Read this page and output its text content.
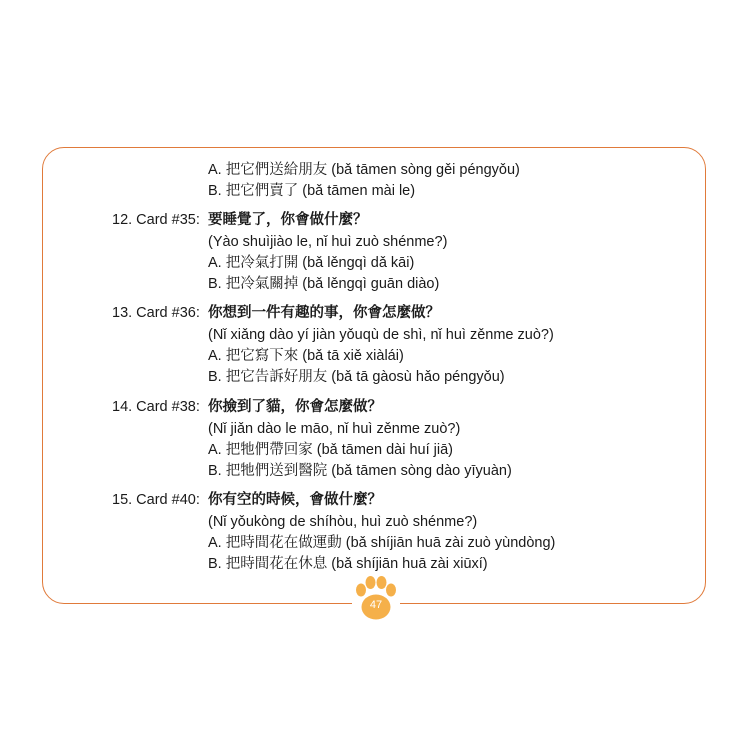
A. 把它們送給朋友 (bǎ tāmen sòng gěi péngyǒu)
B. 把它們賣了 (bǎ tāmen mài le)
12. Card #35: 要睡覺了，你會做什麼？
(Yào shuìjiào le, nǐ huì zuò shénme?)
A. 把冷氣打開 (bǎ lěngqì dǎ kāi)
B. 把冷氣關掉 (bǎ lěngqì guān diào)
13. Card #36: 你想到一件有趣的事，你會怎麼做？
(Nǐ xiǎng dào yí jiàn yǒuqù de shì, nǐ huì zěnme zuò?)
A. 把它寫下來 (bǎ tā xiě xiàlái)
B. 把它告訴好朋友 (bǎ tā gàosù hǎo péngyǒu)
14. Card #38: 你撿到了貓，你會怎麼做？
(Nǐ jiǎn dào le māo, nǐ huì zěnme zuò?)
A. 把牠們帶回家 (bǎ tāmen dài huí jiā)
B. 把牠們送到醫院 (bǎ tāmen sòng dào yīyuàn)
15. Card #40: 你有空的時候，會做什麼？
(Nǐ yǒukòng de shíhòu, huì zuò shénme?)
A. 把時間花在做運動 (bǎ shíjiān huā zài zuò yùndòng)
B. 把時間花在休息 (bǎ shíjiān huā zài xiūxí)
47
